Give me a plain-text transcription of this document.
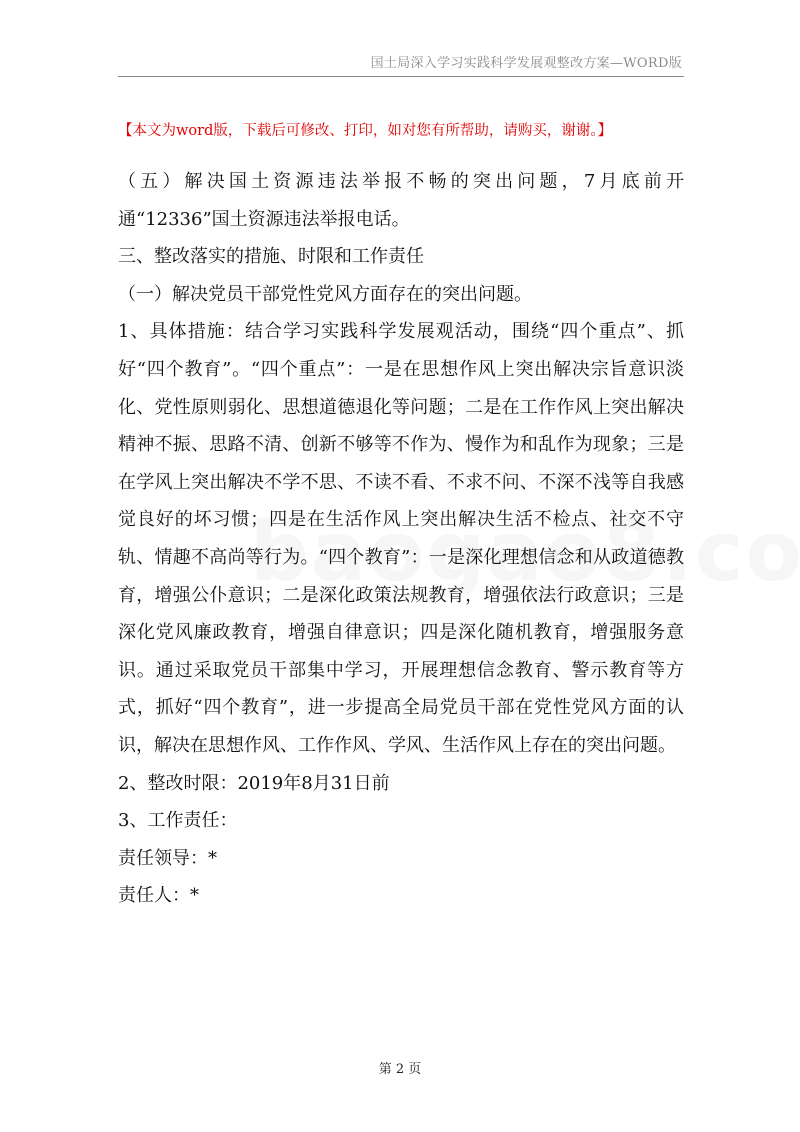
国土局深入学习实践科学发展观整改方案—WORD版
【本文为word版，下载后可修改、打印，如对您有所帮助，请购买，谢谢。】

（五）解决国土资源违法举报不畅的突出问题，7月底前开通“12336”国土资源违法举报电话。

三、整改落实的措施、时限和工作责任

（一）解决党员干部党性党风方面存在的突出问题。

1、具体措施：结合学习实践科学发展观活动，围绕“四个重点”、抓好“四个教育”。“四个重点”：一是在思想作风上突出解决宗旨意识淡化、党性原则弱化、思想道德退化等问题；二是在工作作风上突出解决精神不振、思路不清、创新不够等不作为、慢作为和乱作为现象；三是在学风上突出解决不学不思、不读不看、不求不问、不深不浅等自我感觉良好的坏习惯；四是在生活作风上突出解决生活不检点、社交不守轨、情趣不高尚等行为。“四个教育”：一是深化理想信念和从政道德教育，增强公仆意识；二是深化政策法规教育，增强依法行政意识；三是深化党风廉政教育，增强自律意识；四是深化随机教育，增强服务意识。通过采取党员干部集中学习，开展理想信念教育、警示教育等方式，抓好“四个教育”，进一步提高全局党员干部在党性党风方面的认识，解决在思想作风、工作作风、学风、生活作风上存在的突出问题。

2、整改时限：2019年8月31日前

3、工作责任：

责任领导：*

责任人：*

第 2 页
